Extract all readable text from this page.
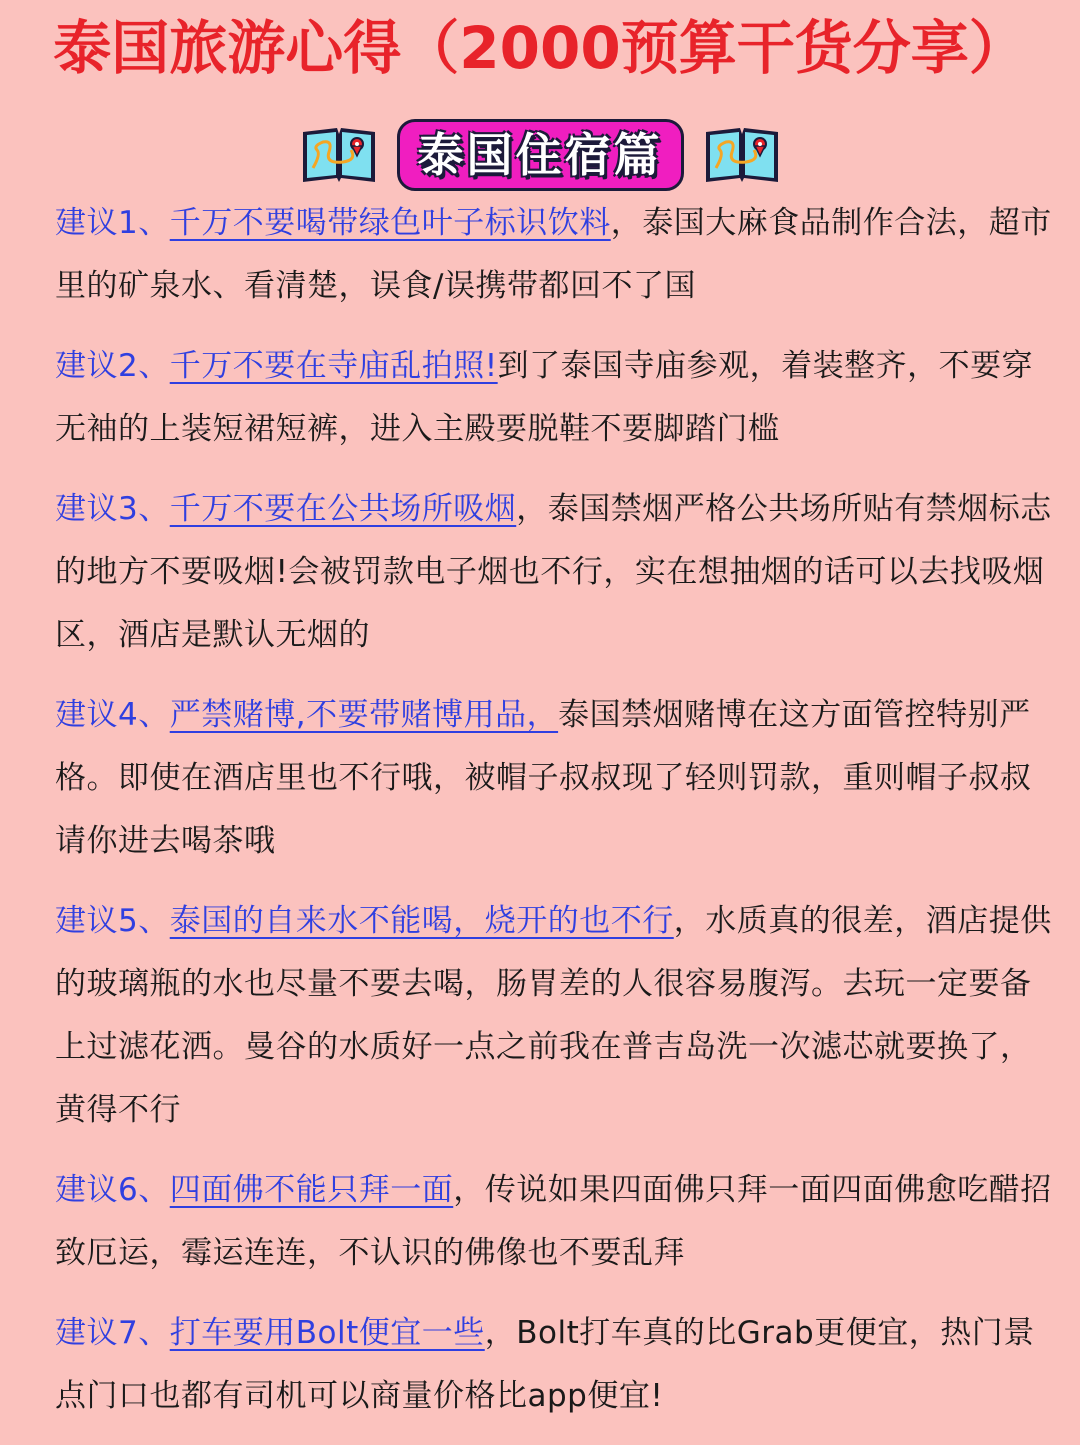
泰国旅游心得（2000预算干货分享）
泰国住宿篇
建议1、千万不要喝带绿色叶子标识饮料，泰国大麻食品制作合法，超市里的矿泉水、看清楚，误食/误携带都回不了国
建议2、千万不要在寺庙乱拍照!到了泰国寺庙参观，着装整齐，不要穿无袖的上装短裙短裤，进入主殿要脱鞋不要脚踏门槛
建议3、千万不要在公共场所吸烟，泰国禁烟严格公共场所贴有禁烟标志的地方不要吸烟!会被罚款电子烟也不行，实在想抽烟的话可以去找吸烟区，酒店是默认无烟的
建议4、严禁赌博,不要带赌博用品，泰国禁烟赌博在这方面管控特别严格。即使在酒店里也不行哦，被帽子叔叔现了轻则罚款，重则帽子叔叔请你进去喝茶哦
建议5、泰国的自来水不能喝，烧开的也不行，水质真的很差，酒店提供的玻璃瓶的水也尽量不要去喝，肠胃差的人很容易腹泻。去玩一定要备上过滤花洒。曼谷的水质好一点之前我在普吉岛洗一次滤芯就要换了，黄得不行
建议6、四面佛不能只拜一面，传说如果四面佛只拜一面四面佛愈吃醋招致厄运，霉运连连，不认识的佛像也不要乱拜
建议7、打车要用Bolt便宜一些，Bolt打车真的比Grab更便宜，热门景点门口也都有司机可以商量价格比app便宜!
